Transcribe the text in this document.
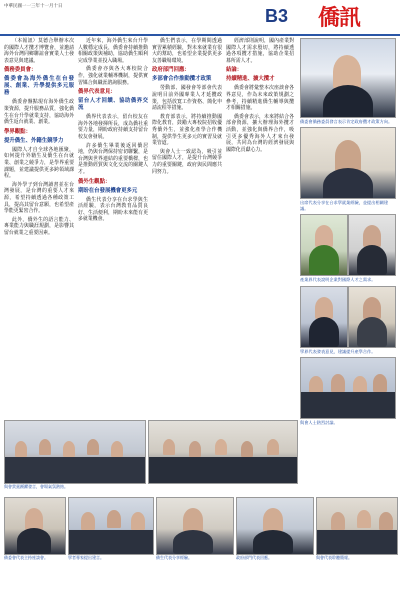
中華民國一一三年十一月十日	B3 僑訊

（本報訊）莫德合舉辦本次的國際人才攬才博覽會，並邀請海外台灣同鄉聯誼會實業人士發表意見與建議。

僑務委員會：
僑委會為海外僑生在台發展、創業、升學提供多元服務

僑委會盤點現有海外僑生政策資源，提升服務品質，強化僑生在台升學就業支持，協助海外僑生返台就業、創業。

學界觀點：
提升僑生、外籍生競爭力

國際人才自全球各地匯聚，如何提升外籍生及僑生在台就業、創業之競爭力，是學界重要課題，並建議提供更多跨領域課程。

海外學子到台灣讀書並在台灣發展，是台灣的重要人才來源，希望持續透過各種政策工具，提高其留台意願，也希望產學能更緊密合作。

此外，僑外生的語言能力、專業能力與職涯規劃，是影響其留台就業之重要因素。

近年來，海外僑生來台升學人數穩定成長，僑委會持續推動相關政策與補助，協助僑生順利完成學業並投入職場。

僑委會亦與各大專校院合作，強化就業輔導機制，提供實習媒合與職涯諮詢服務。

僑界代表意見：
留台人才回饋、協助僑界交流

僑界代表表示，留台校友在海外各地發揮所長，成為僑社重要力量，期盼政府持續支持留台校友會發展。

許多僑生畢業後返回僑居地，仍與台灣保持密切聯繫，是台灣與世界連結的重要橋樑，也是推動經貿與文化交流的關鍵人才。

僑外生觀點：
期盼在台發展機會更多元

僑生代表分享在台求學與生活經驗，表示台灣教育品質良好、生活便利，期盼未來能有更多就業機會。

僑生們表示，在學期間透過實習累積經驗，對未來就業有很大的幫助，也希望企業提供更多友善職場環境。

政府部門回應：
多部會合作推動攬才政策

勞動部、國發會等部會代表說明目前外國專業人才延攬政策，包括放寬工作資格、簡化申請流程等措施。

教育部表示，將持續推動國際化教育，鼓勵大專校院招收優秀僑外生，並強化產學合作機制，提供學生更多元的實習及就業管道。

與會人士一致認為，吸引並留住國際人才，是提升台灣競爭力的重要關鍵，政府與民間應共同努力。

經濟部則說明，國內產業對國際人才需求殷切，將持續透過各項攬才措施，協助企業招募所需人才。

結論：
持續精進、擴大攬才

僑委會將彙整本次座談會各界意見，作為未來政策規劃之參考，持續精進僑生輔導與攬才相關措施。

僑委會表示，未來將結合各部會資源，擴大辦理海外攬才活動，並強化與僑界合作，吸引更多優秀海外人才來台發展，共同為台灣的經濟發展與國際化貢獻心力。

僑委會僑務委員發言表示肯定政府攬才政策方向。
出席代表分享在台求學就業經驗，並提出相關建議。
產業界代表說明企業對國際人才之需求。
學界代表發表意見，建議提升產學合作。
與會人士熱烈討論。
與會貴賓踴躍發言，會場氣氛熱絡。
僑委會代表主持座談會。	學者專家提出建言。	僑生代表分享經驗。	政府部門代表回應。	與會代表聆聽簡報。
